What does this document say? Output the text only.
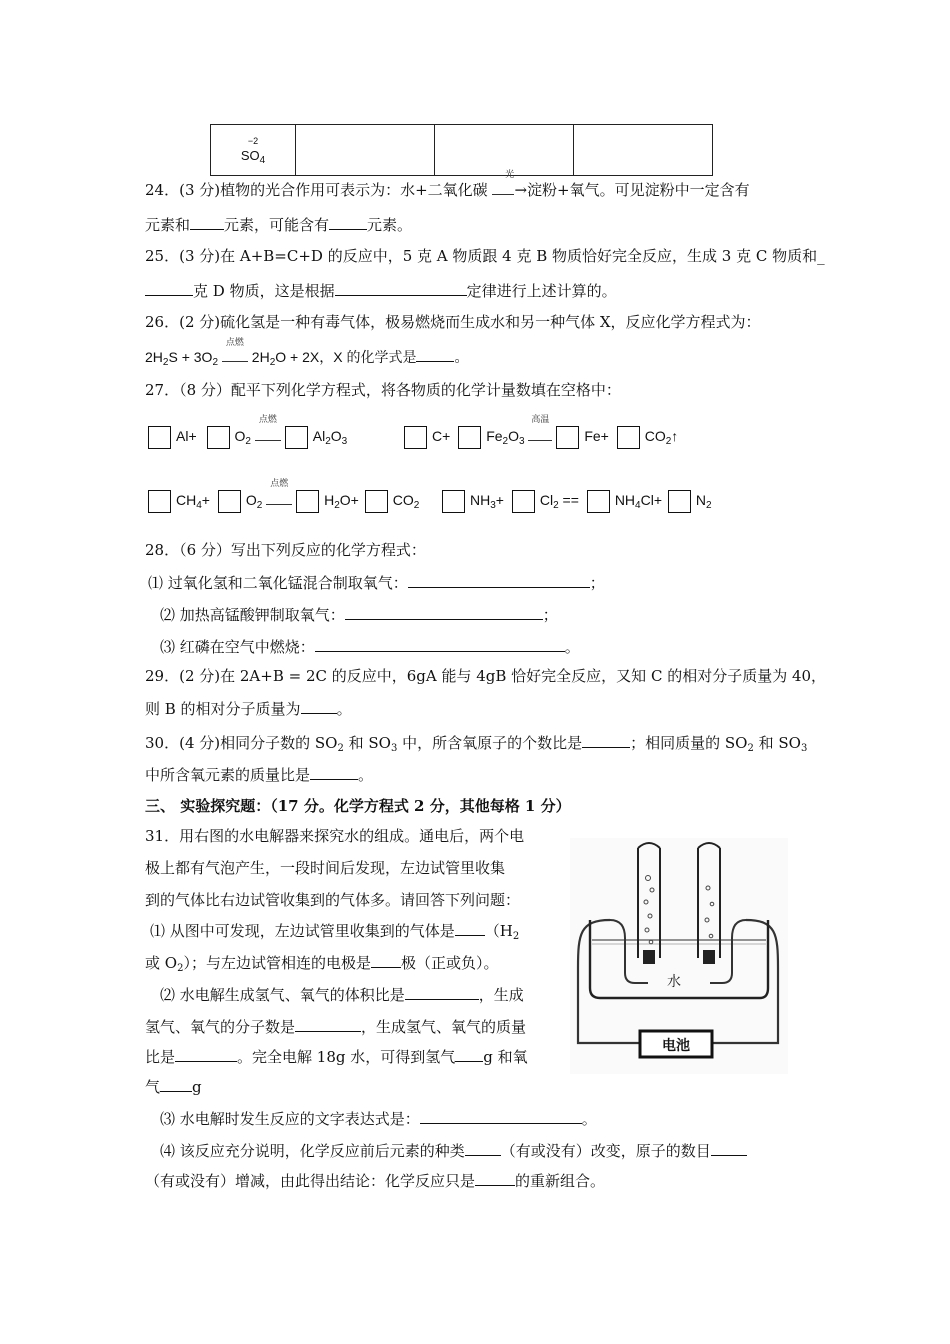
−2
$SO_4$

24．(3 分)植物的光合作用可表示为：水+二氧化碳
光
→淀粉+氧气。可见淀粉中一定含有
元素和 元素，可能含有	元素。
25．(3 分)在 A+B=C+D 的反应中，5 克 A 物质跟 4 克 B 物质恰好完全反应，生成 3 克 C 物质和_
克 D 物质，这是根据	定律进行上述计算的。
26．(2 分)硫化氢是一种有毒气体，极易燃烧而生成水和另一种气体 X，反应化学方程式为：
$2H_2S + 3O_2$
点燃
$2H_2O + 2X$，X 的化学式是	。
27．（8 分）配平下列化学方程式，将各物质的化学计量数填在空格中：
Al+	$O_2$
点燃
$Al_2O_3$	C+	$Fe_2O_3$
高温
Fe+	$CO_2↑$
$CH_4+$	$O_2$
点燃
$H_2O+ CO_2$	$NH_3+$	$Cl_2$ ==	$NH_4Cl+ N_2$
28．（6 分）写出下列反应的化学方程式：
⑴ 过氧化氢和二氧化锰混合制取氧气：	；
⑵ 加热高锰酸钾制取氧气：	；
⑶ 红磷在空气中燃烧：	。
29．(2 分)在 2A+B = 2C 的反应中，6gA 能与 4gB 恰好完全反应，又知 C 的相对分子质量为 40，
则 B 的相对分子质量为 。
30．(4 分)相同分子数的 $SO_2$ 和 $SO_3$ 中，所含氧原子的个数比是	；相同质量的 $SO_2$ 和 $SO_3$
中所含氧元素的质量比是	。
三、 实验探究题：（17 分。化学方程式 2 分，其他每格 1 分）
31．用右图的水电解器来探究水的组成。通电后，两个电
极上都有气泡产生，一段时间后发现，左边试管里收集
到的气体比右边试管收集到的气体多。请回答下列问题：
⑴ 从图中可发现，左边试管里收集到的气体是 （$H_2$
或 $O_2$）；与左边试管相连的电极是 极（正或负）。
⑵ 水电解生成氢气、氧气的体积比是	，生成
氢气、氧气的分子数是	，生成氢气、氧气的质量
比是	。完全电解 18g 水，可得到氢气 g 和氧
气 g
⑶ 水电解时发生反应的文字表达式是：	。
⑷ 该反应充分说明，化学反应前后元素的种类 （有或没有）改变，原子的数目
（有或没有）增减，由此得出结论：化学反应只是	的重新组合。
水
电池
